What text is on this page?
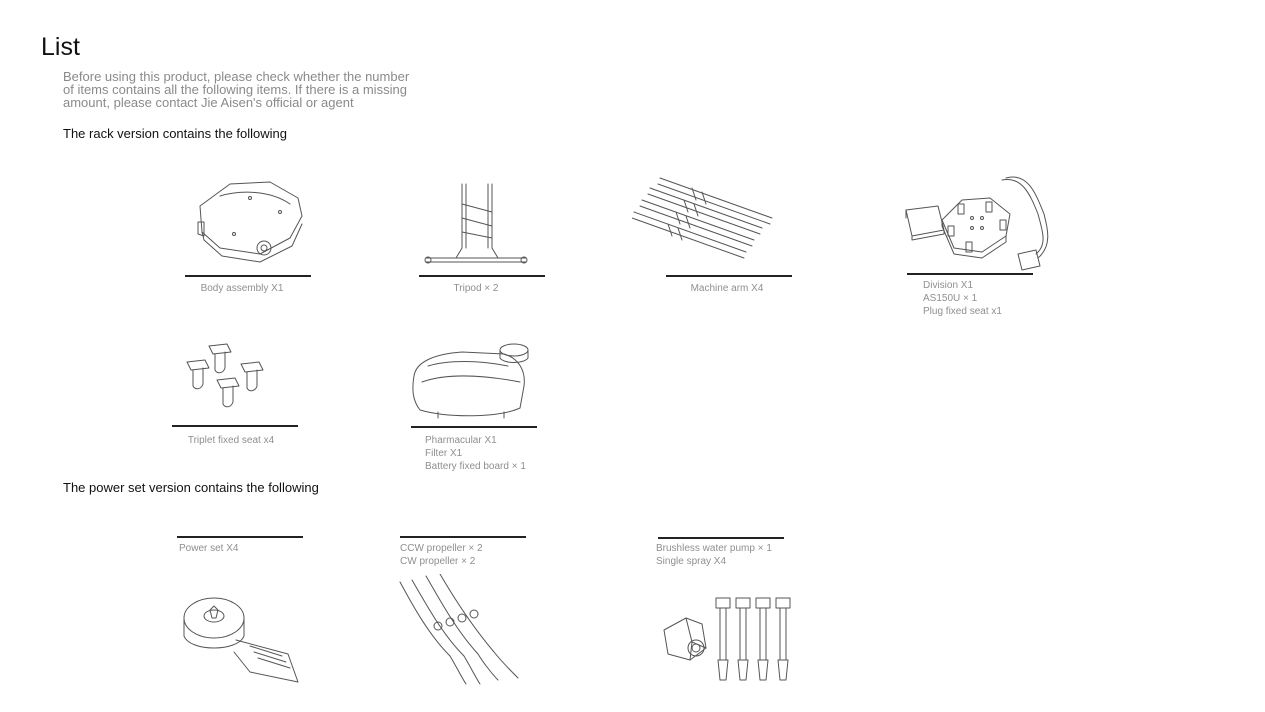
List
Before using this product, please check whether the number
of items contains all the following items. If there is a missing
amount, please contact Jie Aisen's official or agent
The rack version contains the following
Body assembly X1	Tripod × 2	Machine arm X4	Division X1
AS150U × 1
Plug fixed seat x1
Triplet fixed seat x4	Pharmacular X1
Filter X1
Battery fixed board × 1
The power set version contains the following
Power set X4	CCW propeller × 2
CW propeller × 2
Brushless water pump × 1
Single spray X4
